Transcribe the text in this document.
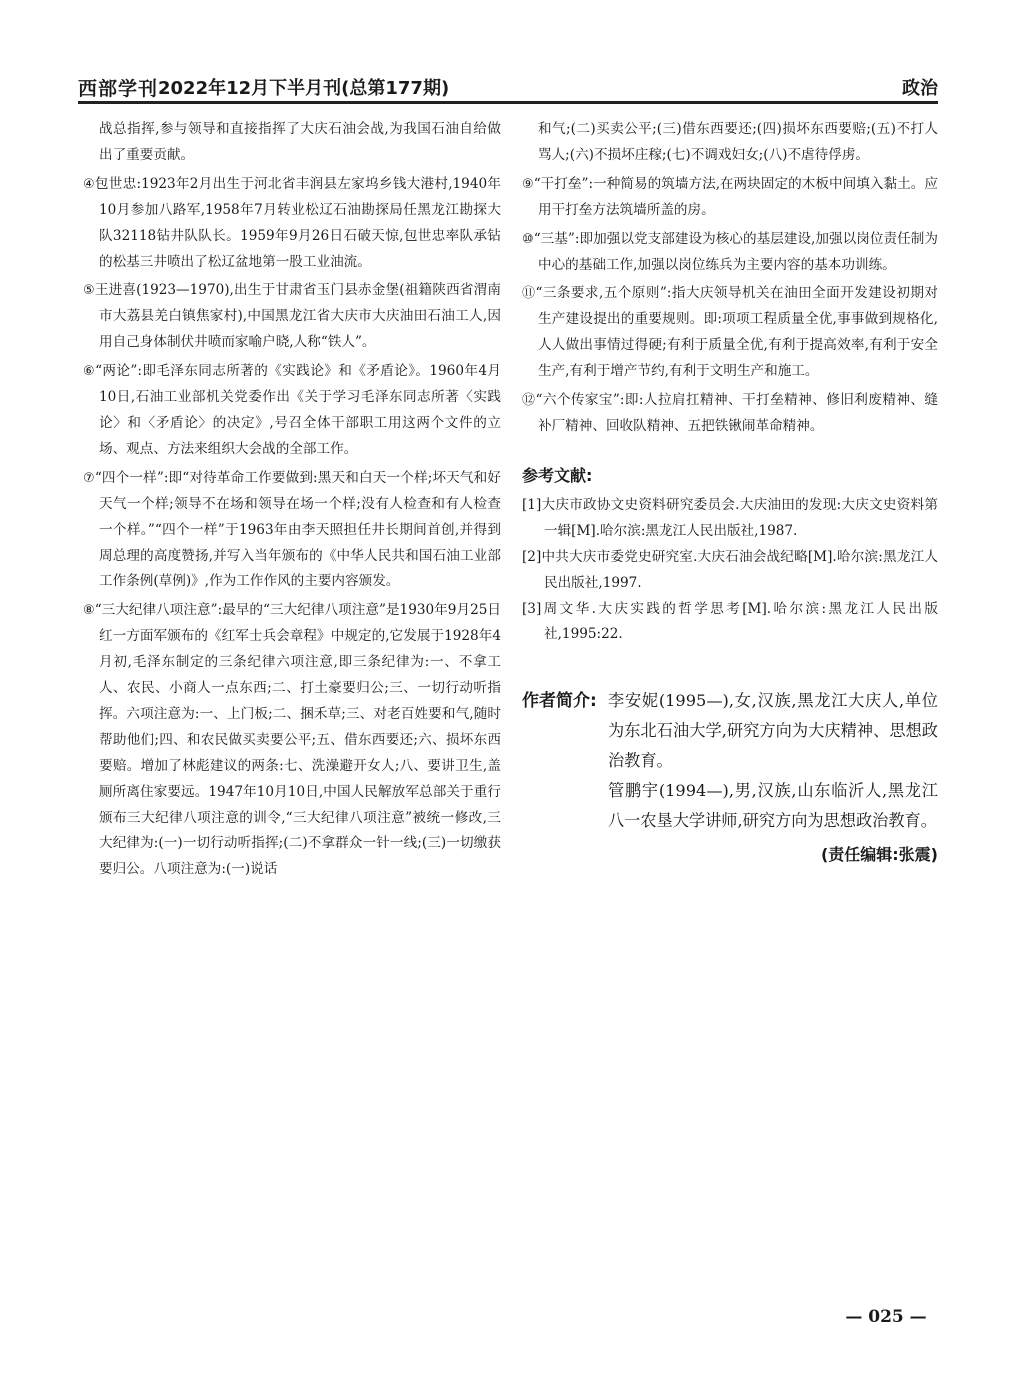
西部学刊 2022年12月下半月刊(总第177期)	政治

战总指挥,参与领导和直接指挥了大庆石油会战,为我国石油自给做出了重要贡献。

④包世忠:1923年2月出生于河北省丰润县左家坞乡钱大港村,1940年10月参加八路军,1958年7月转业松辽石油勘探局任黑龙江勘探大队32118钻井队队长。1959年9月26日石破天惊,包世忠率队承钻的松基三井喷出了松辽盆地第一股工业油流。

⑤王进喜(1923—1970),出生于甘肃省玉门县赤金堡(祖籍陕西省渭南市大荔县羌白镇焦家村),中国黑龙江省大庆市大庆油田石油工人,因用自己身体制伏井喷而家喻户晓,人称“铁人”。

⑥“两论”:即毛泽东同志所著的《实践论》和《矛盾论》。1960年4月10日,石油工业部机关党委作出《关于学习毛泽东同志所著〈实践论〉和〈矛盾论〉的决定》,号召全体干部职工用这两个文件的立场、观点、方法来组织大会战的全部工作。

⑦“四个一样”:即“对待革命工作要做到:黑天和白天一个样;坏天气和好天气一个样;领导不在场和领导在场一个样;没有人检查和有人检查一个样。”“四个一样”于1963年由李天照担任井长期间首创,并得到周总理的高度赞扬,并写入当年颁布的《中华人民共和国石油工业部工作条例(草例)》,作为工作作风的主要内容颁发。

⑧“三大纪律八项注意”:最早的“三大纪律八项注意”是1930年9月25日红一方面军颁布的《红军士兵会章程》中规定的,它发展于1928年4月初,毛泽东制定的三条纪律六项注意,即三条纪律为:一、不拿工人、农民、小商人一点东西;二、打土豪要归公;三、一切行动听指挥。六项注意为:一、上门板;二、捆禾草;三、对老百姓要和气,随时帮助他们;四、和农民做买卖要公平;五、借东西要还;六、损坏东西要赔。增加了林彪建议的两条:七、洗澡避开女人;八、要讲卫生,盖厕所离住家要远。1947年10月10日,中国人民解放军总部关于重行颁布三大纪律八项注意的训令,“三大纪律八项注意”被统一修改,三大纪律为:(一)一切行动听指挥;(二)不拿群众一针一线;(三)一切缴获要归公。八项注意为:(一)说话

和气;(二)买卖公平;(三)借东西要还;(四)损坏东西要赔;(五)不打人骂人;(六)不损坏庄稼;(七)不调戏妇女;(八)不虐待俘虏。

⑨“干打垒”:一种简易的筑墙方法,在两块固定的木板中间填入黏土。应用干打垒方法筑墙所盖的房。

⑩“三基”:即加强以党支部建设为核心的基层建设,加强以岗位责任制为中心的基础工作,加强以岗位练兵为主要内容的基本功训练。

⑪“三条要求,五个原则”:指大庆领导机关在油田全面开发建设初期对生产建设提出的重要规则。即:项项工程质量全优,事事做到规格化,人人做出事情过得硬;有利于质量全优,有利于提高效率,有利于安全生产,有利于增产节约,有利于文明生产和施工。

⑫“六个传家宝”:即:人拉肩扛精神、干打垒精神、修旧利废精神、缝补厂精神、回收队精神、五把铁锹闹革命精神。

参考文献:

[1]大庆市政协文史资料研究委员会.大庆油田的发现:大庆文史资料第一辑[M].哈尔滨:黑龙江人民出版社,1987.

[2]中共大庆市委党史研究室.大庆石油会战纪略[M].哈尔滨:黑龙江人民出版社,1997.

[3]周文华.大庆实践的哲学思考[M].哈尔滨:黑龙江人民出版社,1995:22.

作者简介: 李安妮(1995—),女,汉族,黑龙江大庆人,单位为东北石油大学,研究方向为大庆精神、思想政治教育。

管鹏宇(1994—),男,汉族,山东临沂人,黑龙江八一农垦大学讲师,研究方向为思想政治教育。

(责任编辑:张震)
— 025 —
